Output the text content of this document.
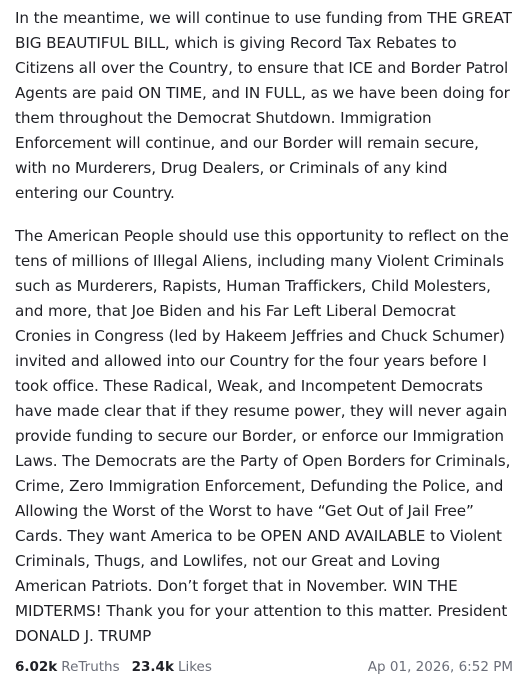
In the meantime, we will continue to use funding from THE GREAT BIG BEAUTIFUL BILL, which is giving Record Tax Rebates to Citizens all over the Country, to ensure that ICE and Border Patrol Agents are paid ON TIME, and IN FULL, as we have been doing for them throughout the Democrat Shutdown. Immigration Enforcement will continue, and our Border will remain secure, with no Murderers, Drug Dealers, or Criminals of any kind entering our Country.

The American People should use this opportunity to reflect on the tens of millions of Illegal Aliens, including many Violent Criminals such as Murderers, Rapists, Human Traffickers, Child Molesters, and more, that Joe Biden and his Far Left Liberal Democrat Cronies in Congress (led by Hakeem Jeffries and Chuck Schumer) invited and allowed into our Country for the four years before I took office. These Radical, Weak, and Incompetent Democrats have made clear that if they resume power, they will never again provide funding to secure our Border, or enforce our Immigration Laws. The Democrats are the Party of Open Borders for Criminals, Crime, Zero Immigration Enforcement, Defunding the Police, and Allowing the Worst of the Worst to have “Get Out of Jail Free” Cards. They want America to be OPEN AND AVAILABLE to Violent Criminals, Thugs, and Lowlifes, not our Great and Loving American Patriots. Don’t forget that in November. WIN THE MIDTERMS! Thank you for your attention to this matter. President DONALD J. TRUMP

6.02k ReTruths 23.4k Likes	Ap 01, 2026, 6:52 PM
